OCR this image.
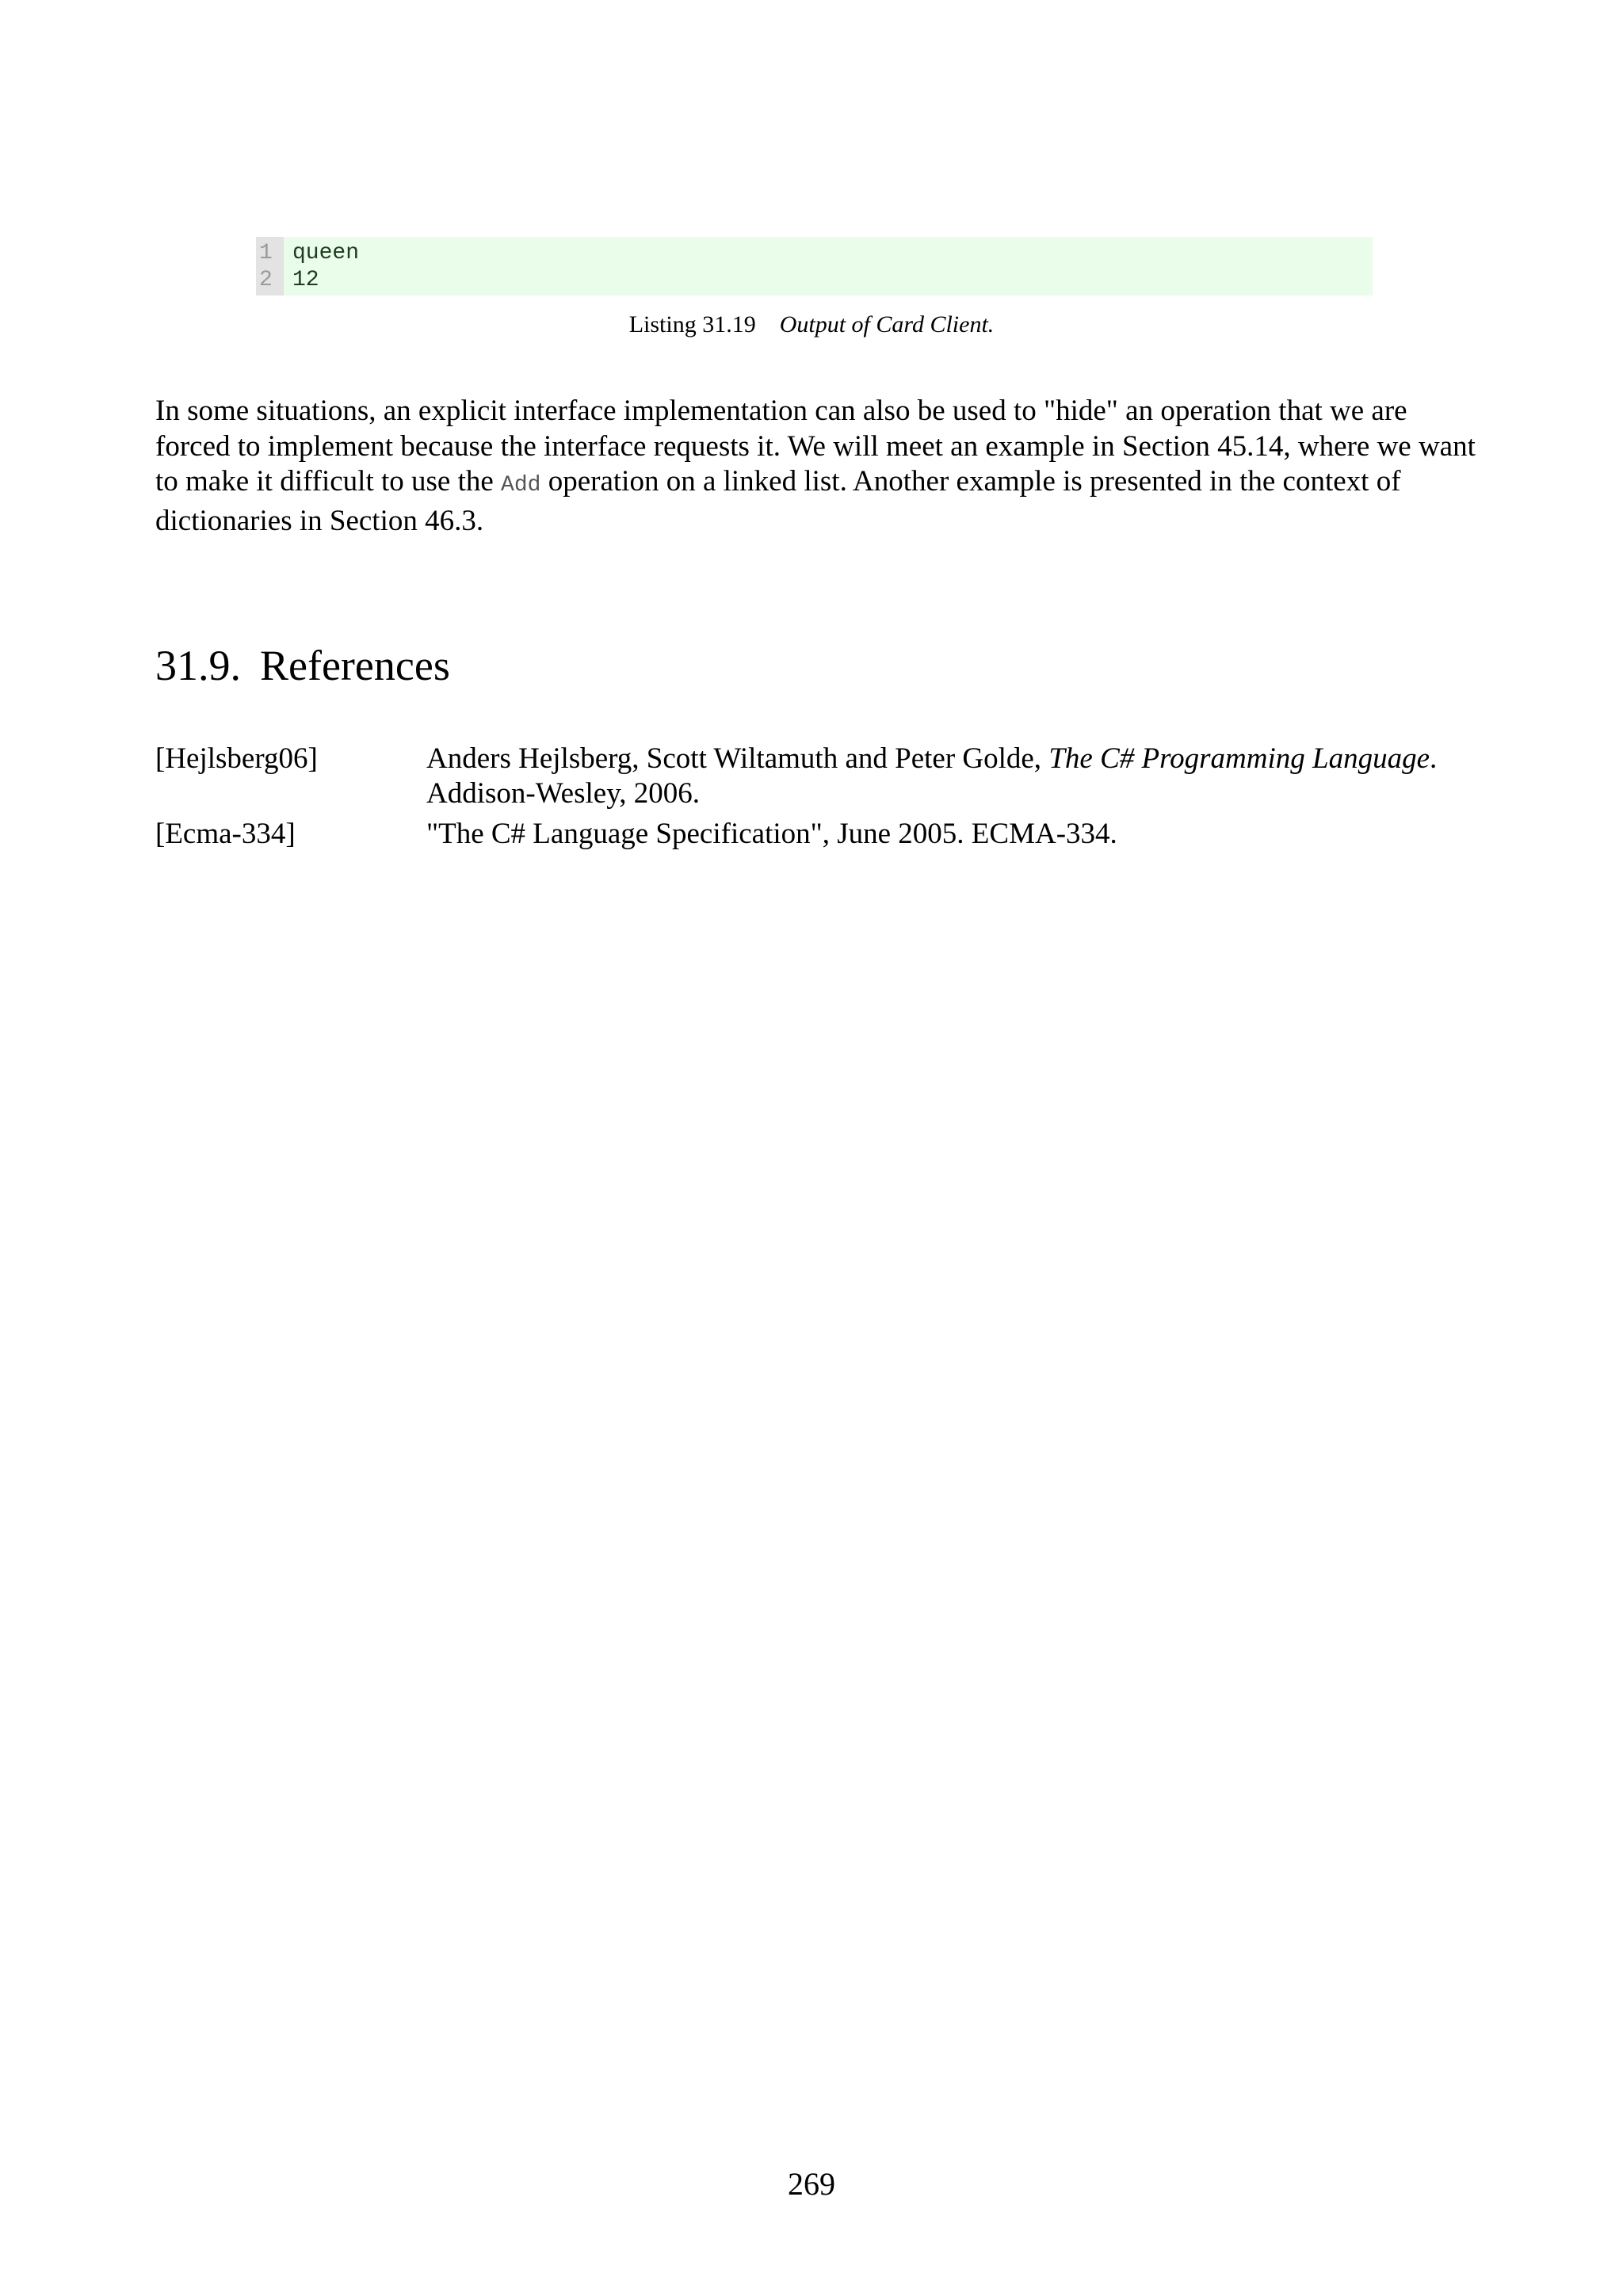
1
2
queen
12
Listing 31.19 Output of Card Client.
In some situations, an explicit interface implementation can also be used to "hide" an operation that we are forced to implement because the interface requests it. We will meet an example in Section 45.14, where we want to make it difficult to use the Add operation on a linked list. Another example is presented in the context of dictionaries in Section 46.3.
31.9. References
[Hejlsberg06]	Anders Hejlsberg, Scott Wiltamuth and Peter Golde, The C# Programming Language. Addison-Wesley, 2006.
[Ecma-334]	"The C# Language Specification", June 2005. ECMA-334.
269
